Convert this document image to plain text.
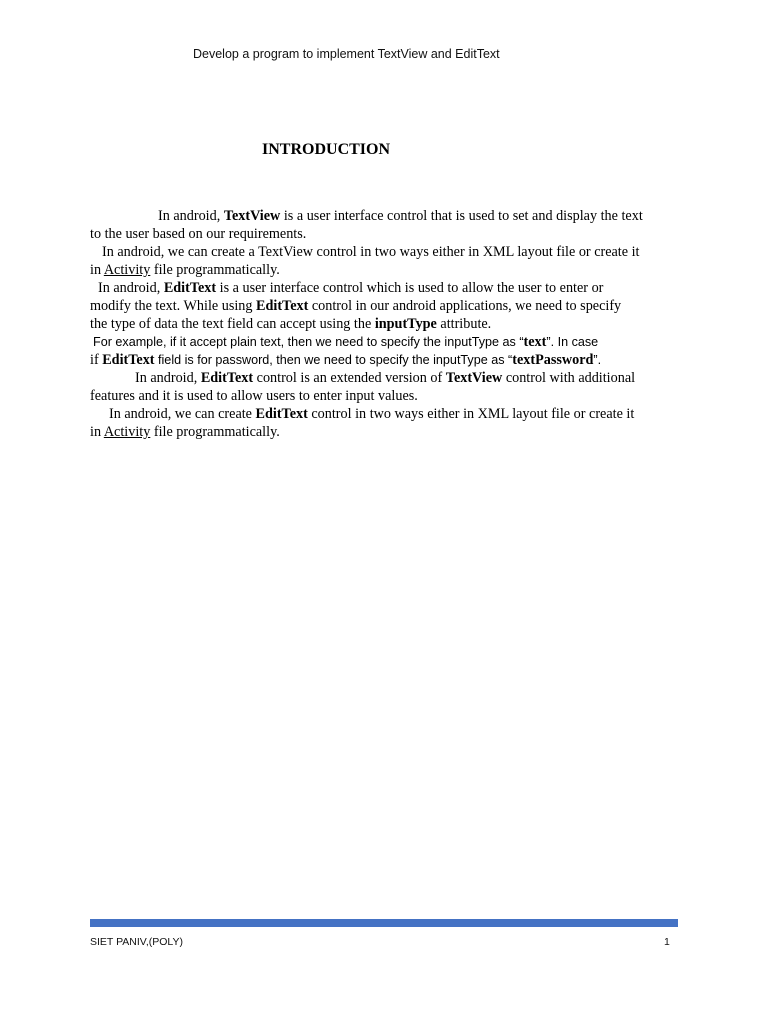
Develop a program to implement TextView and EditText
INTRODUCTION
In android, TextView is a user interface control that is used to set and display the text
to the user based on our requirements.
In android, we can create a TextView control in two ways either in XML layout file or create it
in Activity file programmatically.
In android, EditText is a user interface control which is used to allow the user to enter or
modify the text. While using EditText control in our android applications, we need to specify
the type of data the text field can accept using the inputType attribute.
For example, if it accept plain text, then we need to specify the inputType as “text”. In case
if EditText field is for password, then we need to specify the inputType as “textPassword”.
In android, EditText control is an extended version of TextView control with additional
features and it is used to allow users to enter input values.
In android, we can create EditText control in two ways either in XML layout file or create it
in Activity file programmatically.
SIET PANIV,(POLY)	1
